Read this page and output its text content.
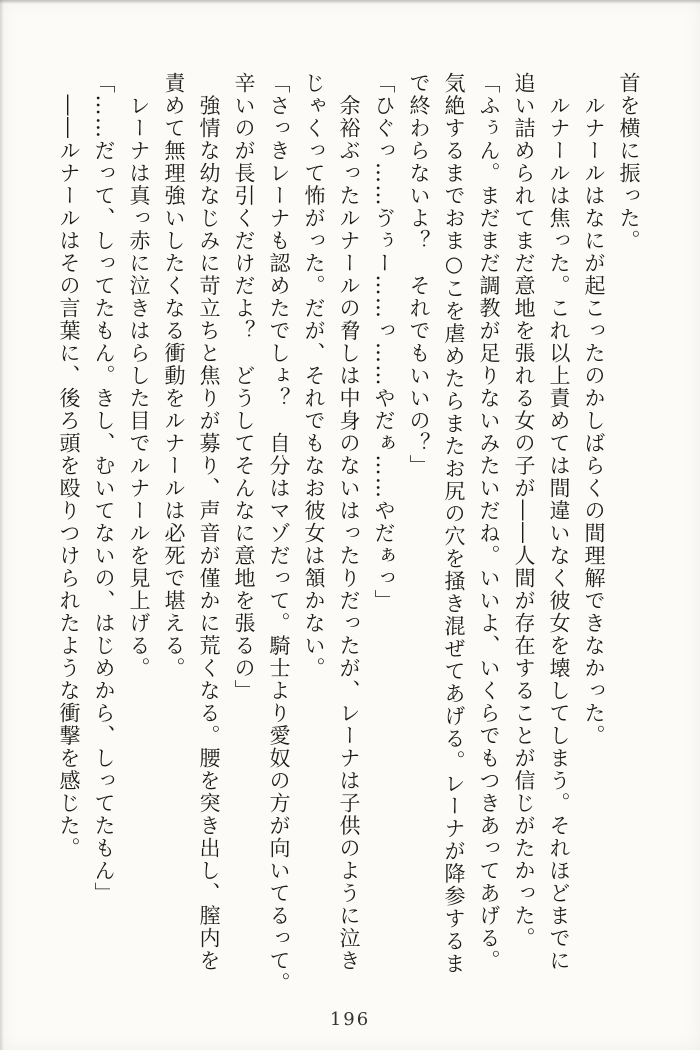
首を横に振った。

　ルナールはなにが起こったのかしばらくの間理解できなかった。

　ルナールは焦った。これ以上責めては間違いなく彼女を壊してしまう。それほどまでに

追い詰められてまだ意地を張れる女の子が――人間が存在することが信じがたかった。

「ふぅん。まだまだ調教が足りないみたいだね。いいよ、いくらでもつきあってあげる。

気絶するまでおま○こを虐めたらまたお尻の穴を掻き混ぜてあげる。レーナが降参するま

で終わらないよ？　それでもいいの？」

「ひぐっ……ゔぅー……っ……やだぁ……やだぁっ」

　余裕ぶったルナールの脅しは中身のないはったりだったが、レーナは子供のように泣き

じゃくって怖がった。だが、それでもなお彼女は頷かない。

「さっきレーナも認めたでしょ？　自分はマゾだって。騎士より愛奴の方が向いてるって。

辛いのが長引くだけだよ？　どうしてそんなに意地を張るの」

　強情な幼なじみに苛立ちと焦りが募り、声音が僅かに荒くなる。腰を突き出し、膣内を

責めて無理強いしたくなる衝動をルナールは必死で堪える。

　レーナは真っ赤に泣きはらした目でルナールを見上げる。

「……だって、しってたもん。きし、むいてないの、はじめから、しってたもん」

　――ルナールはその言葉に、後ろ頭を殴りつけられたような衝撃を感じた。

196
